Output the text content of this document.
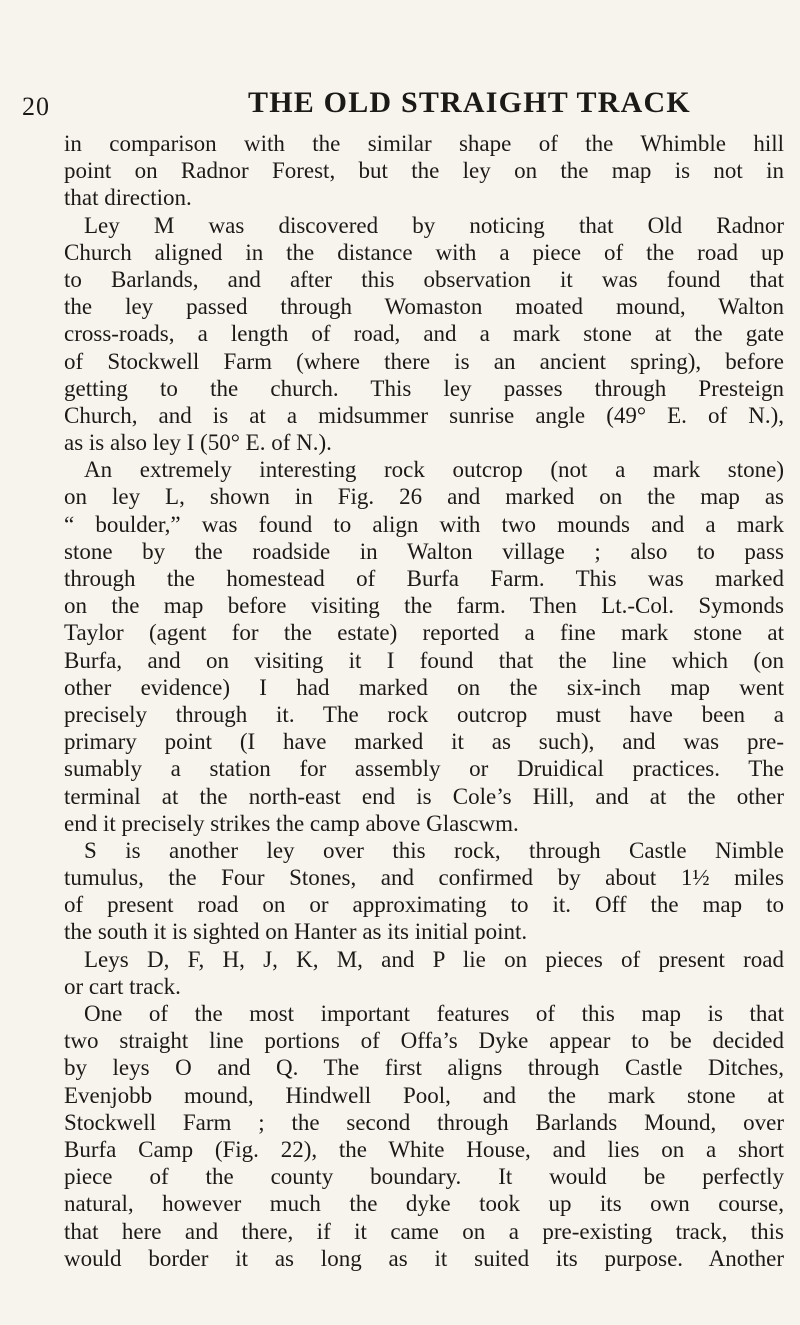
20	THE OLD STRAIGHT TRACK
in comparison with the similar shape of the Whimble hill
point on Radnor Forest, but the ley on the map is not in
that direction.
Ley M was discovered by noticing that Old Radnor
Church aligned in the distance with a piece of the road up
to Barlands, and after this observation it was found that
the ley passed through Womaston moated mound, Walton
cross-roads, a length of road, and a mark stone at the gate
of Stockwell Farm (where there is an ancient spring), before
getting to the church. This ley passes through Presteign
Church, and is at a midsummer sunrise angle (49° E. of N.),
as is also ley I (50° E. of N.).
An extremely interesting rock outcrop (not a mark stone)
on ley L, shown in Fig. 26 and marked on the map as
“ boulder,” was found to align with two mounds and a mark
stone by the roadside in Walton village ; also to pass
through the homestead of Burfa Farm. This was marked
on the map before visiting the farm. Then Lt.-Col. Symonds
Taylor (agent for the estate) reported a fine mark stone at
Burfa, and on visiting it I found that the line which (on
other evidence) I had marked on the six-inch map went
precisely through it. The rock outcrop must have been a
primary point (I have marked it as such), and was pre-
sumably a station for assembly or Druidical practices. The
terminal at the north-east end is Cole’s Hill, and at the other
end it precisely strikes the camp above Glascwm.
S is another ley over this rock, through Castle Nimble
tumulus, the Four Stones, and confirmed by about 1½ miles
of present road on or approximating to it. Off the map to
the south it is sighted on Hanter as its initial point.
Leys D, F, H, J, K, M, and P lie on pieces of present road
or cart track.
One of the most important features of this map is that
two straight line portions of Offa’s Dyke appear to be decided
by leys O and Q. The first aligns through Castle Ditches,
Evenjobb mound, Hindwell Pool, and the mark stone at
Stockwell Farm ; the second through Barlands Mound, over
Burfa Camp (Fig. 22), the White House, and lies on a short
piece of the county boundary. It would be perfectly
natural, however much the dyke took up its own course,
that here and there, if it came on a pre-existing track, this
would border it as long as it suited its purpose. Another
